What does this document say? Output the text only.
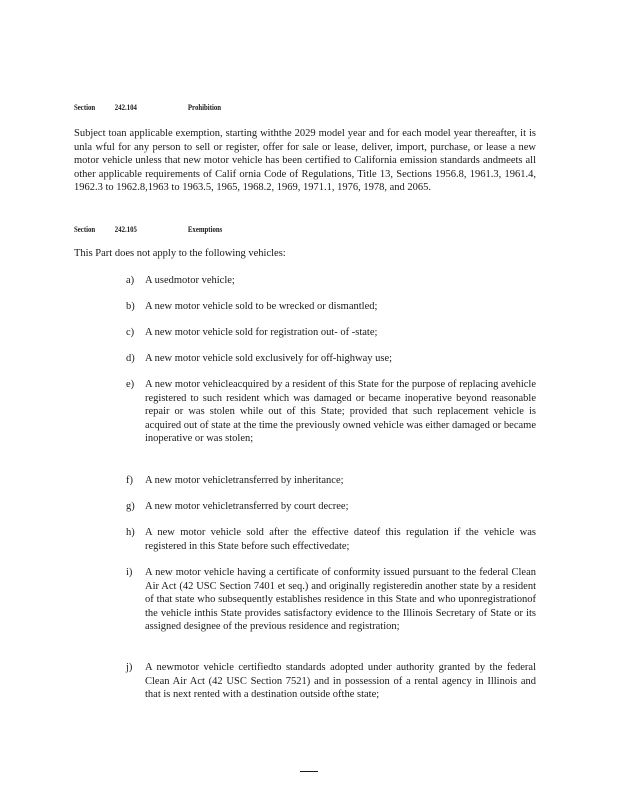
Section 242.104	Prohibition
Subject toan applicable exemption, starting withthe 2029 model year and for each model year thereafter, it is unla wful for any person to sell or register, offer for sale or lease, deliver, import, purchase, or lease a new motor vehicle unless that new motor vehicle has been certified to California emission standards andmeets all other applicable requirements of Calif ornia Code of Regulations, Title 13, Sections 1956.8, 1961.3, 1961.4, 1962.3 to 1962.8,1963 to 1963.5, 1965, 1968.2, 1969, 1971.1, 1976, 1978, and 2065.
Section 242.105	Exemptions
This Part does not apply to the following vehicles:
a)	A usedmotor vehicle;
b) A new motor vehicle sold to be wrecked or dismantled;
c)	A new motor vehicle sold for registration out- of -state;
d) A new motor vehicle sold exclusively for off-highway use;
e)	A new motor vehicleacquired by a resident of this State for the purpose of replacing avehicle registered to such resident which was damaged or became inoperative beyond reasonable repair or was stolen while out of this State; provided that such replacement vehicle is acquired out of state at the time the previously owned vehicle was either damaged or became inoperative or was stolen;
f)	A new motor vehicletransferred by inheritance;
g) A new motor vehicletransferred by court decree;
h) A new motor vehicle sold after the effective dateof this regulation if the vehicle was registered in this State before such effectivedate;
i)	A new motor vehicle having a certificate of conformity issued pursuant to the federal Clean Air Act (42 USC Section 7401 et seq.) and originally registeredin another state by a resident of that state who subsequently establishes residence in this State and who uponregistrationof the vehicle inthis State provides satisfactory evidence to the Illinois Secretary of State or its assigned designee of the previous residence and registration;
j)	A newmotor vehicle certifiedto standards adopted under authority granted by the federal Clean Air Act (42 USC Section 7521) and in possession of a rental agency in Illinois and that is next rented with a destination outside ofthe state;
